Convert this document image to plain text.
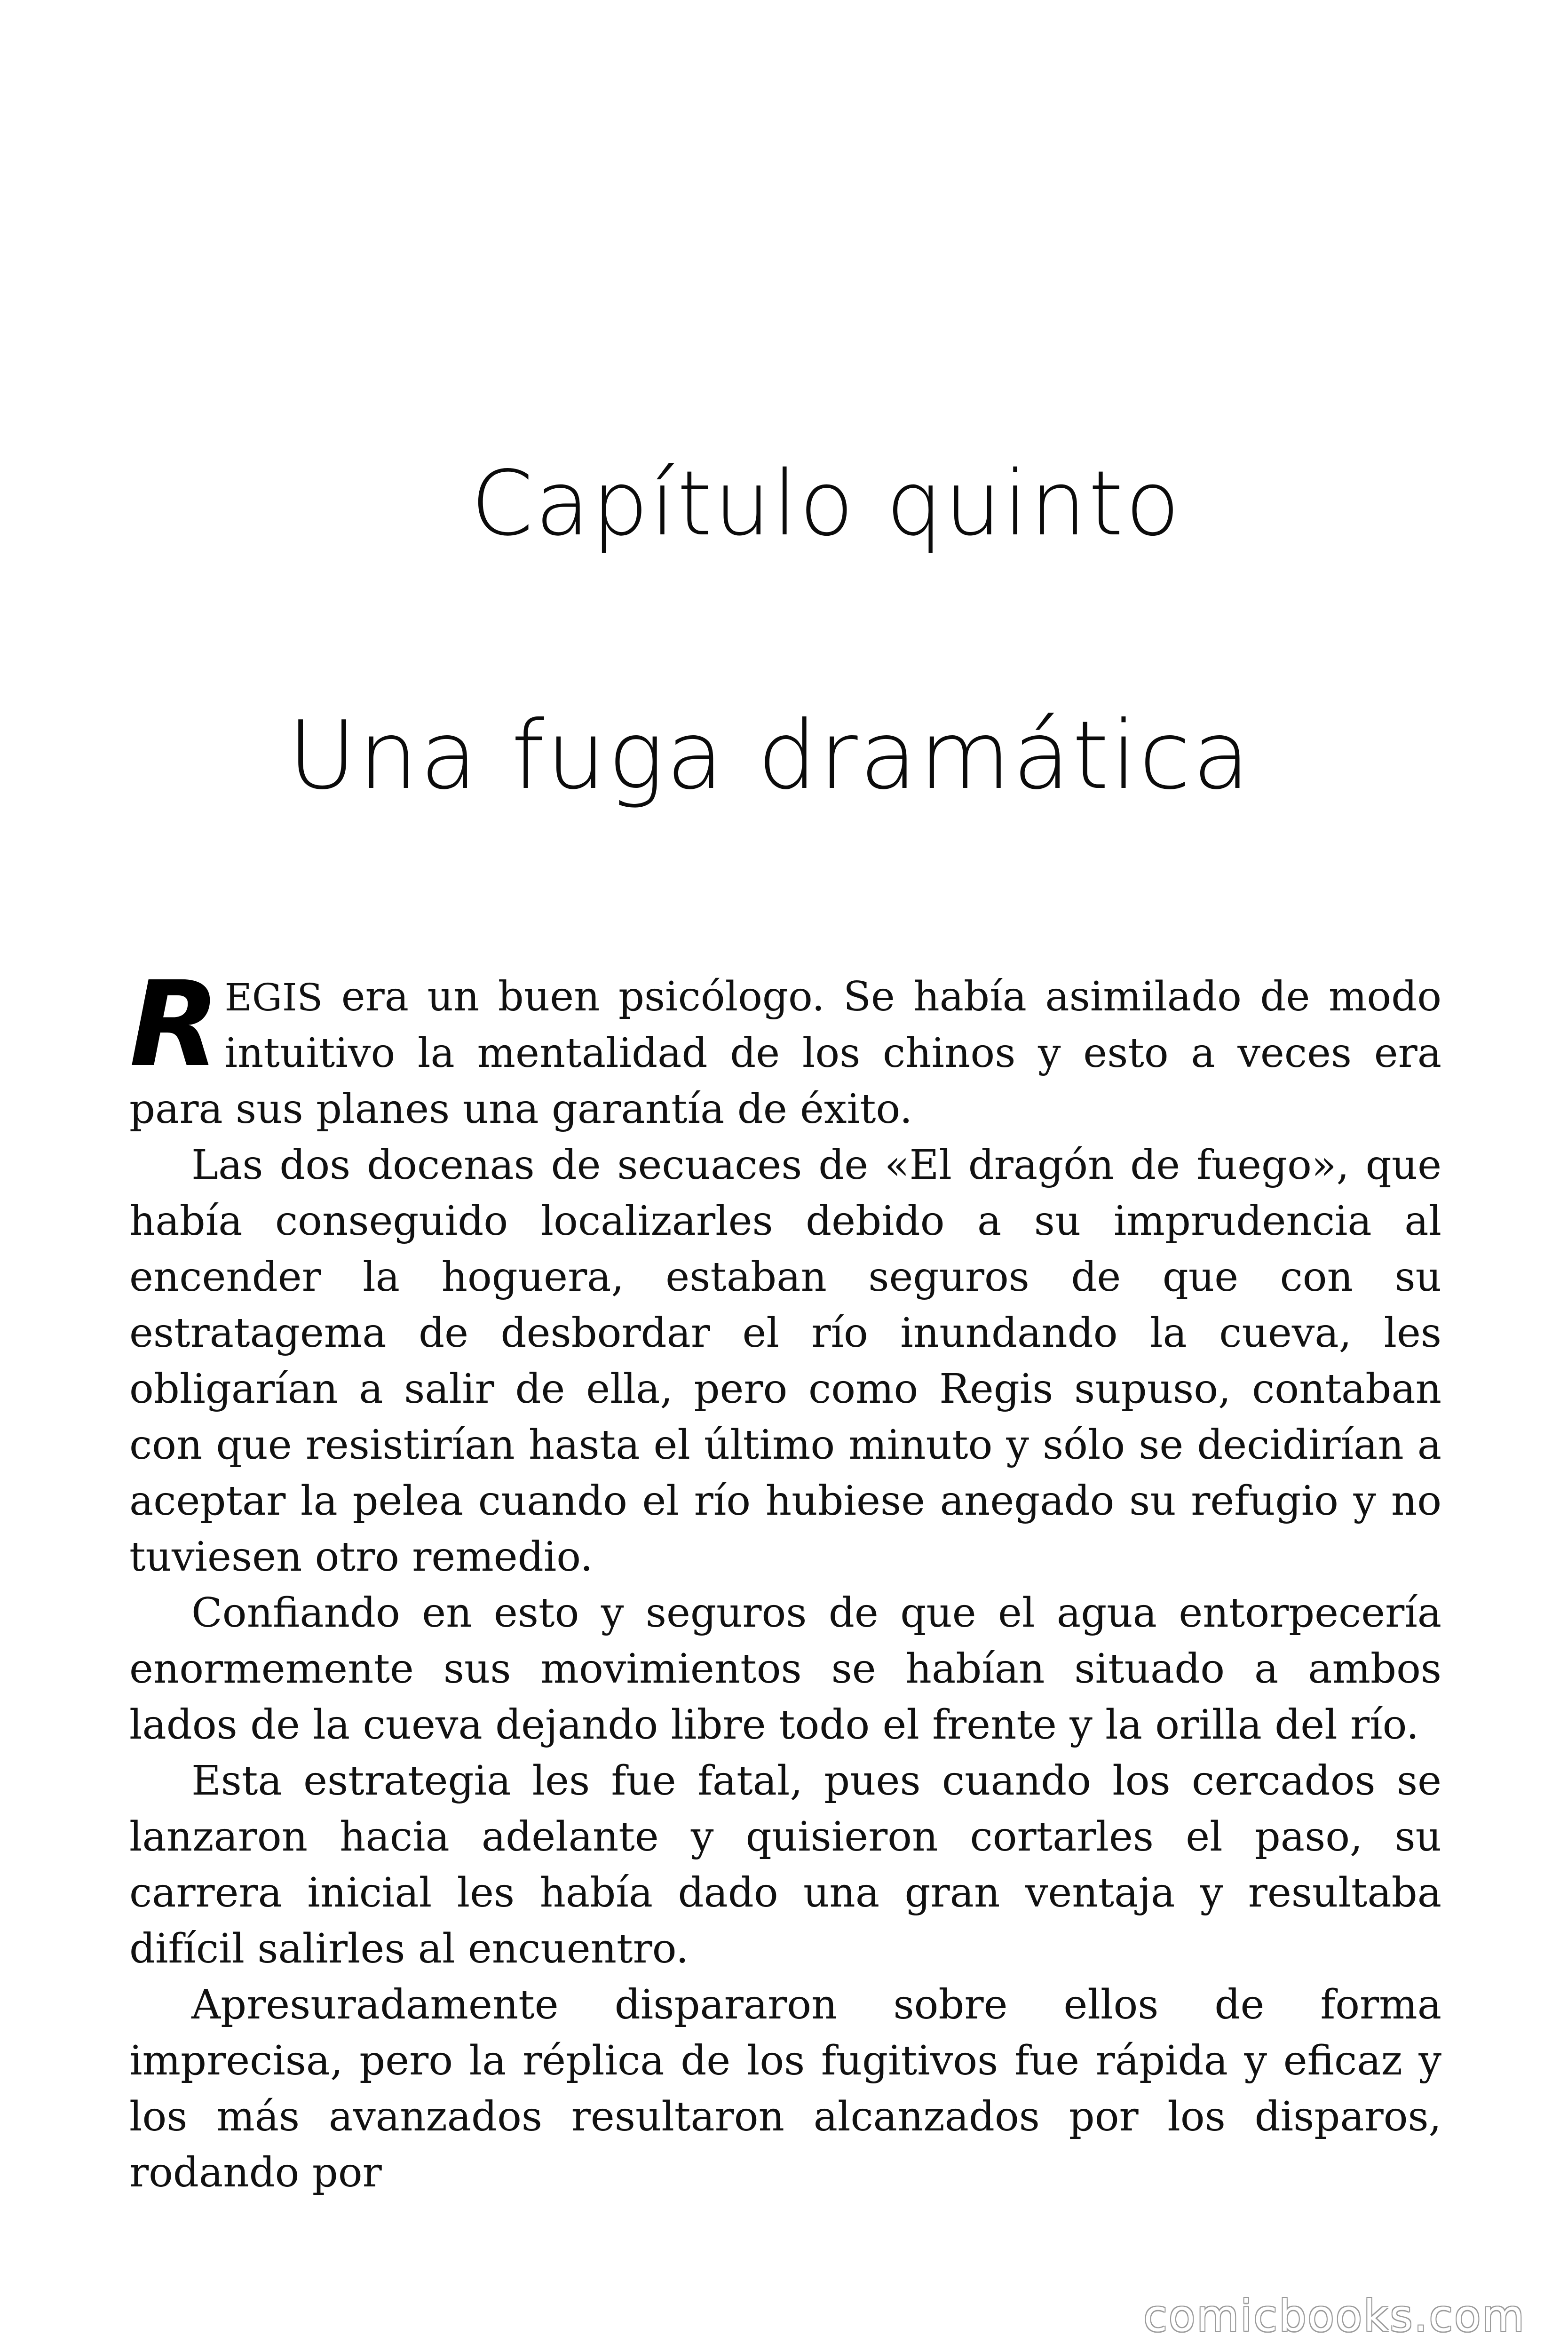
Capítulo quinto
Una fuga dramática

REGIS era un buen psicólogo. Se había asimilado de modo intuitivo la mentalidad de los chinos y esto a veces era para sus planes una garantía de éxito.

Las dos docenas de secuaces de «El dragón de fuego», que había conseguido localizarles debido a su imprudencia al encender la hoguera, estaban seguros de que con su estratagema de desbordar el río inundando la cueva, les obligarían a salir de ella, pero como Regis supuso, contaban con que resistirían hasta el último minuto y sólo se decidirían a aceptar la pelea cuando el río hubiese anegado su refugio y no tuviesen otro remedio.

Confiando en esto y seguros de que el agua entorpecería enormemente sus movimientos se habían situado a ambos lados de la cueva dejando libre todo el frente y la orilla del río.

Esta estrategia les fue fatal, pues cuando los cercados se lanzaron hacia adelante y quisieron cortarles el paso, su carrera inicial les había dado una gran ventaja y resultaba difícil salirles al encuentro.

Apresuradamente dispararon sobre ellos de forma imprecisa, pero la réplica de los fugitivos fue rápida y eficaz y los más avanzados resultaron alcanzados por los disparos, rodando por

comicbooks.com
